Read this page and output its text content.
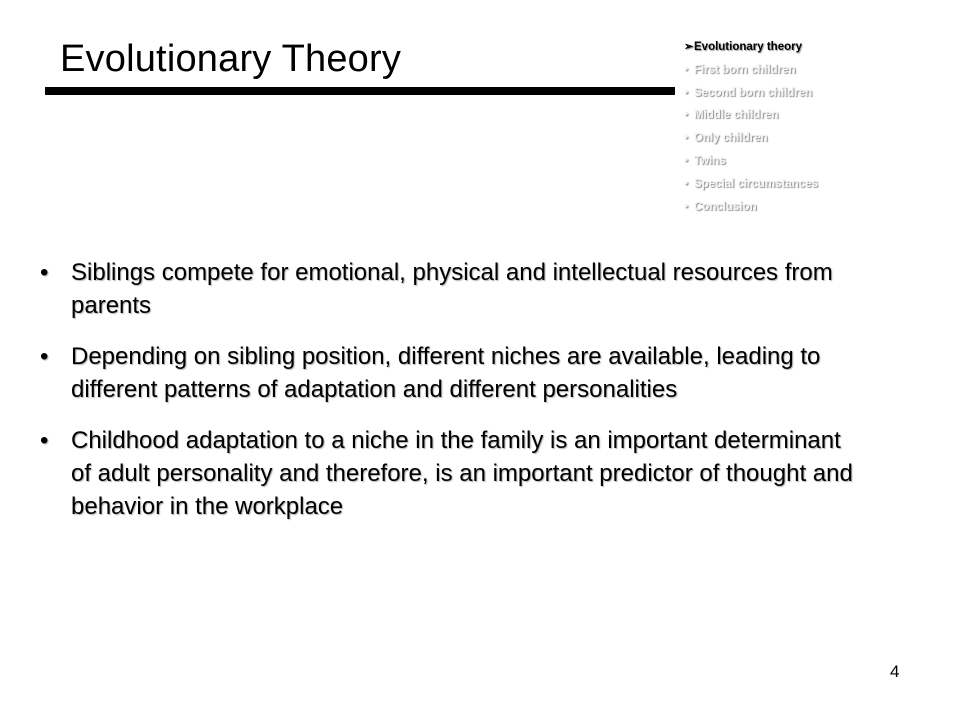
Evolutionary Theory	➢Evolutionary theory
• First born children
• Second born children
• Middle children
• Only children
• Twins
• Special circumstances
• Conclusion
• Siblings compete for emotional, physical and intellectual resources from parents
• Depending on sibling position, different niches are available, leading to different patterns of adaptation and different personalities
• Childhood adaptation to a niche in the family is an important determinant of adult personality and therefore, is an important predictor of thought and behavior in the workplace
4
